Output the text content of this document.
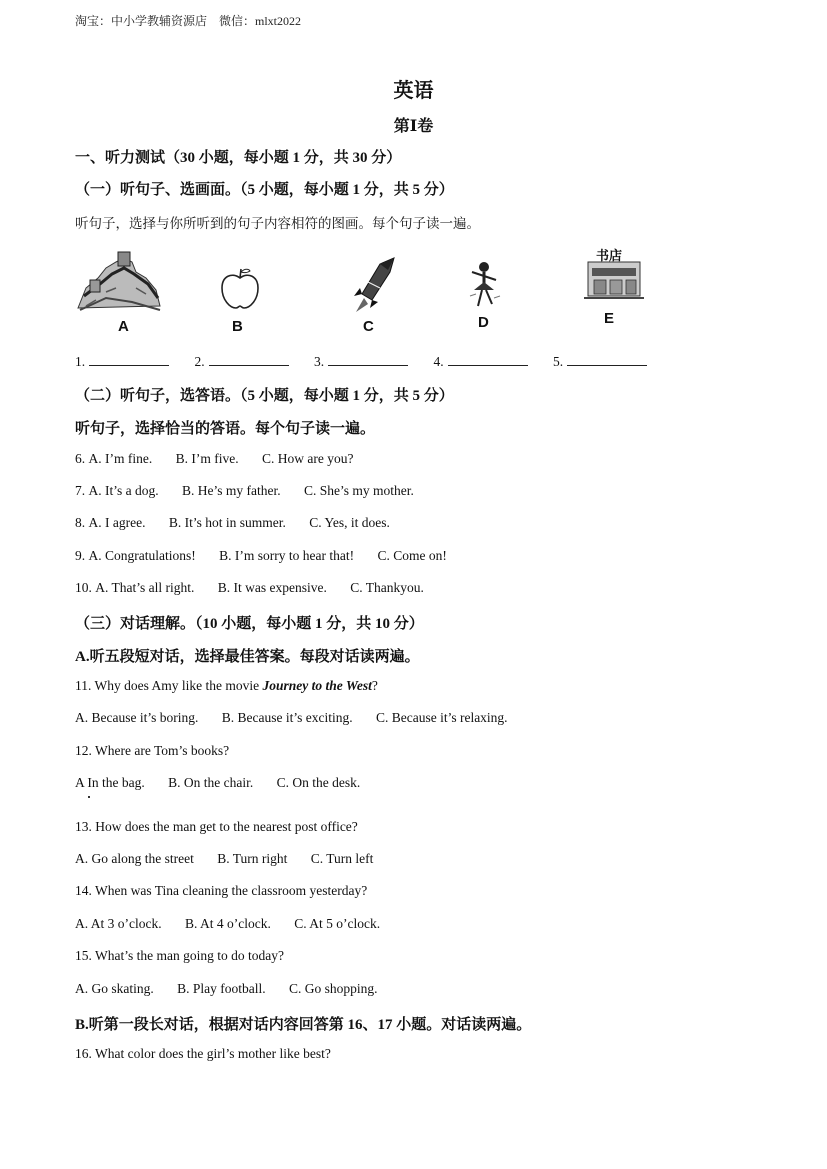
淘宝：中小学教辅资源店　微信：mlxt2022
英语
第Ⅰ卷
一、听力测试（30 小题，每小题 1 分，共 30 分）
（一）听句子、选画面。（5 小题，每小题 1 分，共 5 分）
听句子，选择与你所听到的句子内容相符的图画。每个句子读一遍。
A	B	C	D
书店
E
1.	2.	3.	4.	5.
（二）听句子，选答语。（5 小题，每小题 1 分，共 5 分）
听句子，选择恰当的答语。每个句子读一遍。
6. A. I’m fine. B. I’m five. C. How are you?
7. A. It’s a dog. B. He’s my father. C. She’s my mother.
8. A. I agree. B. It’s hot in summer. C. Yes, it does.
9. A. Congratulations! B. I’m sorry to hear that! C. Come on!
10. A. That’s all right. B. It was expensive. C. Thankyou.
（三）对话理解。（10 小题，每小题 1 分，共 10 分）
A.听五段短对话，选择最佳答案。每段对话读两遍。
11. Why does Amy like the movie Journey to the West?
A. Because it’s boring. B. Because it’s exciting. C. Because it’s relaxing.
12. Where are Tom’s books?
A In the bag. B. On the chair. C. On the desk.
13. How does the man get to the nearest post office?
A. Go along the street B. Turn right C. Turn left
14. When was Tina cleaning the classroom yesterday?
A. At 3 o’clock. B. At 4 o’clock. C. At 5 o’clock.
15. What’s the man going to do today?
A. Go skating. B. Play football. C. Go shopping.
B.听第一段长对话，根据对话内容回答第 16、17 小题。对话读两遍。
16. What color does the girl’s mother like best?
